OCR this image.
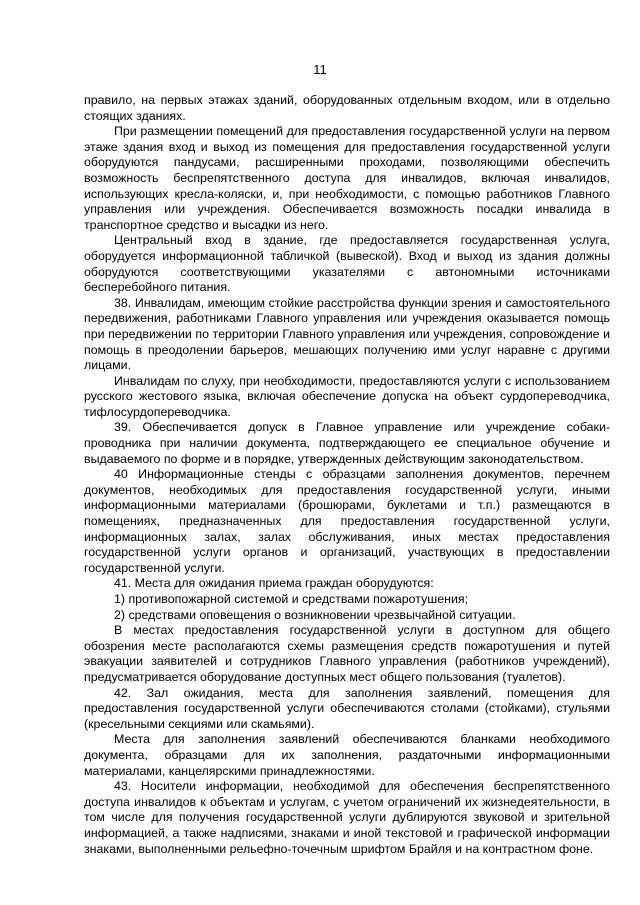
11

правило, на первых этажах зданий, оборудованных отдельным входом, или в отдельно стоящих зданиях.

При размещении помещений для предоставления государственной услуги на первом этаже здания вход и выход из помещения для предоставления государственной услуги оборудуются пандусами, расширенными проходами, позволяющими обеспечить возможность беспрепятственного доступа для инвалидов, включая инвалидов, использующих кресла-коляски, и, при необходимости, с помощью работников Главного управления или учреждения. Обеспечивается возможность посадки инвалида в транспортное средство и высадки из него.

Центральный вход в здание, где предоставляется государственная услуга, оборудуется информационной табличкой (вывеской). Вход и выход из здания должны оборудуются соответствующими указателями с автономными источниками бесперебойного питания.

38. Инвалидам, имеющим стойкие расстройства функции зрения и самостоятельного передвижения, работниками Главного управления или учреждения оказывается помощь при передвижении по территории Главного управления или учреждения, сопровождение и помощь в преодолении барьеров, мешающих получению ими услуг наравне с другими лицами.

Инвалидам по слуху, при необходимости, предоставляются услуги с использованием русского жестового языка, включая обеспечение допуска на объект сурдопереводчика, тифлосурдопереводчика.

39. Обеспечивается допуск в Главное управление или учреждение собаки-проводника при наличии документа, подтверждающего ее специальное обучение и выдаваемого по форме и в порядке, утвержденных действующим законодательством.

40 Информационные стенды с образцами заполнения документов, перечнем документов, необходимых для предоставления государственной услуги, иными информационными материалами (брошюрами, буклетами и т.п.) размещаются в помещениях, предназначенных для предоставления государственной услуги, информационных залах, залах обслуживания, иных местах предоставления государственной услуги органов и организаций, участвующих в предоставлении государственной услуги.

41. Места для ожидания приема граждан оборудуются:

1) противопожарной системой и средствами пожаротушения;

2) средствами оповещения о возникновении чрезвычайной ситуации.

В местах предоставления государственной услуги в доступном для общего обозрения месте располагаются схемы размещения средств пожаротушения и путей эвакуации заявителей и сотрудников Главного управления (работников учреждений), предусматривается оборудование доступных мест общего пользования (туалетов).

42. Зал ожидания, места для заполнения заявлений, помещения для предоставления государственной услуги обеспечиваются столами (стойками), стульями (кресельными секциями или скамьями).

Места для заполнения заявлений обеспечиваются бланками необходимого документа, образцами для их заполнения, раздаточными информационными материалами, канцелярскими принадлежностями.

43. Носители информации, необходимой для обеспечения беспрепятственного доступа инвалидов к объектам и услугам, с учетом ограничений их жизнедеятельности, в том числе для получения государственной услуги дублируются звуковой и зрительной информацией, а также надписями, знаками и иной текстовой и графической информации знаками, выполненными рельефно-точечным шрифтом Брайля и на контрастном фоне.
